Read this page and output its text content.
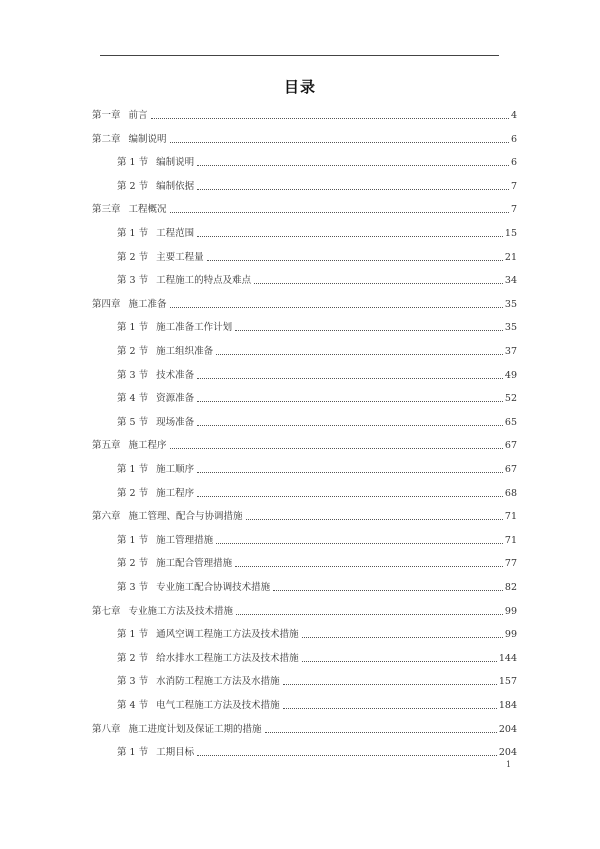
目录
第一章 前言	4
第二章 编制说明	6
第 1 节 编制说明	6
第 2 节 编制依据	7
第三章 工程概况	7
第 1 节 工程范围	15
第 2 节 主要工程量	21
第 3 节 工程施工的特点及难点	34
第四章 施工准备	35
第 1 节 施工准备工作计划	35
第 2 节 施工组织准备	37
第 3 节 技术准备	49
第 4 节 资源准备	52
第 5 节 现场准备	65
第五章 施工程序	67
第 1 节 施工顺序	67
第 2 节 施工程序	68
第六章 施工管理、配合与协调措施	71
第 1 节 施工管理措施	71
第 2 节 施工配合管理措施	77
第 3 节 专业施工配合协调技术措施	82
第七章 专业施工方法及技术措施	99
第 1 节 通风空调工程施工方法及技术措施	99
第 2 节 给水排水工程施工方法及技术措施	144
第 3 节 水消防工程施工方法及水措施	157
第 4 节 电气工程施工方法及技术措施	184
第八章 施工进度计划及保证工期的措施	204
第 1 节 工期目标	204
1
